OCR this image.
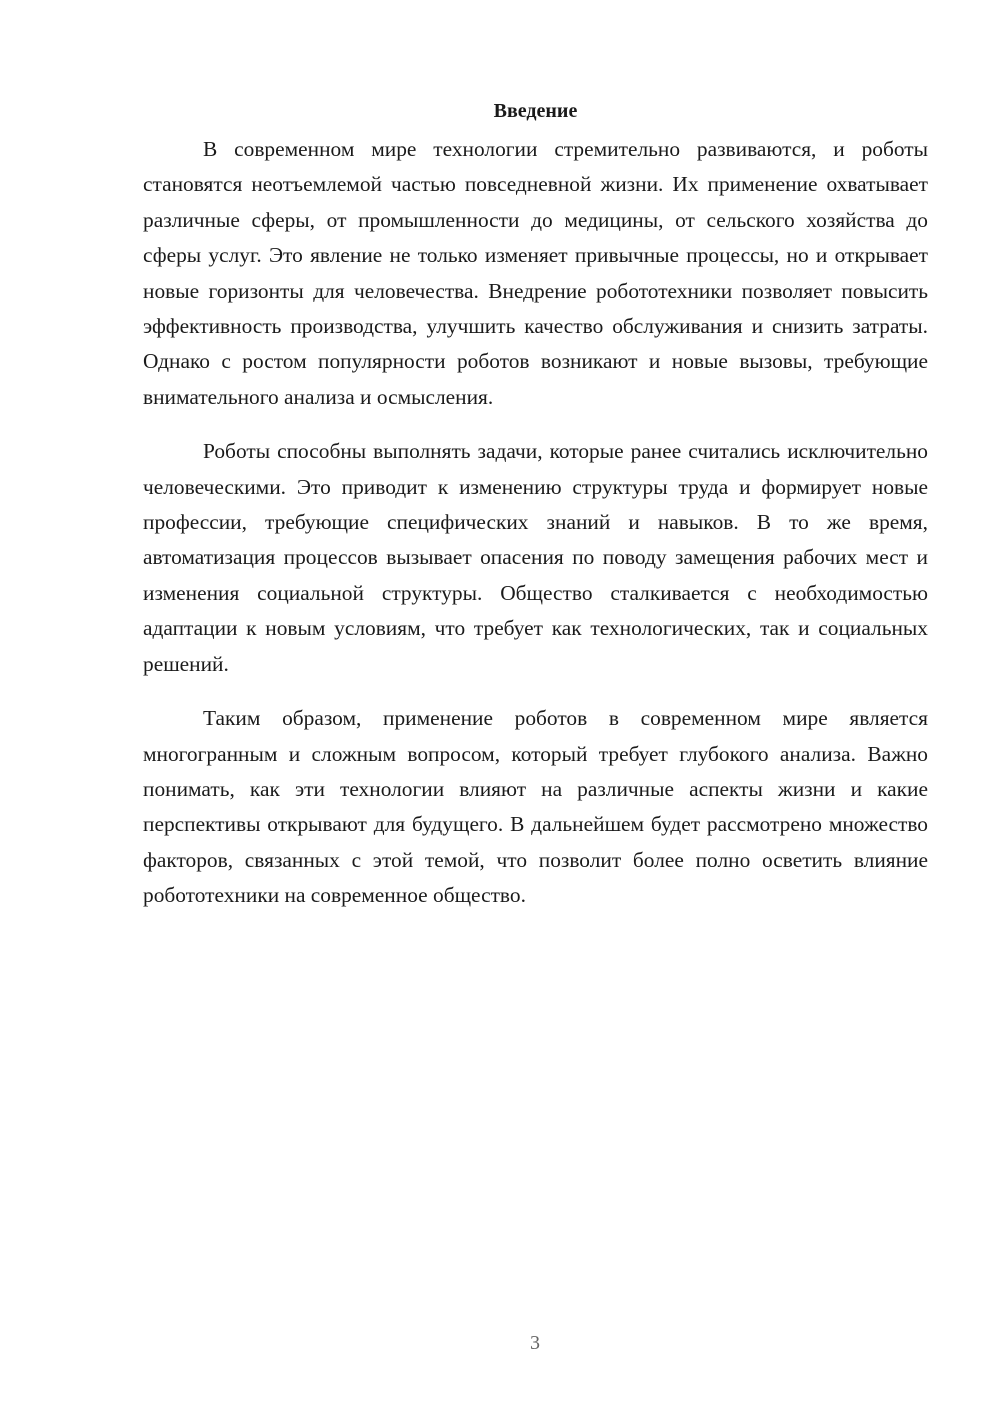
Введение

В современном мире технологии стремительно развиваются, и роботы становятся неотъемлемой частью повседневной жизни. Их применение охватывает различные сферы, от промышленности до медицины, от сельского хозяйства до сферы услуг. Это явление не только изменяет привычные процессы, но и открывает новые горизонты для человечества. Внедрение робототехники позволяет повысить эффективность производства, улучшить качество обслуживания и снизить затраты. Однако с ростом популярности роботов возникают и новые вызовы, требующие внимательного анализа и осмысления.

Роботы способны выполнять задачи, которые ранее считались исключительно человеческими. Это приводит к изменению структуры труда и формирует новые профессии, требующие специфических знаний и навыков. В то же время, автоматизация процессов вызывает опасения по поводу замещения рабочих мест и изменения социальной структуры. Общество сталкивается с необходимостью адаптации к новым условиям, что требует как технологических, так и социальных решений.

Таким образом, применение роботов в современном мире является многогранным и сложным вопросом, который требует глубокого анализа. Важно понимать, как эти технологии влияют на различные аспекты жизни и какие перспективы открывают для будущего. В дальнейшем будет рассмотрено множество факторов, связанных с этой темой, что позволит более полно осветить влияние робототехники на современное общество.

3
